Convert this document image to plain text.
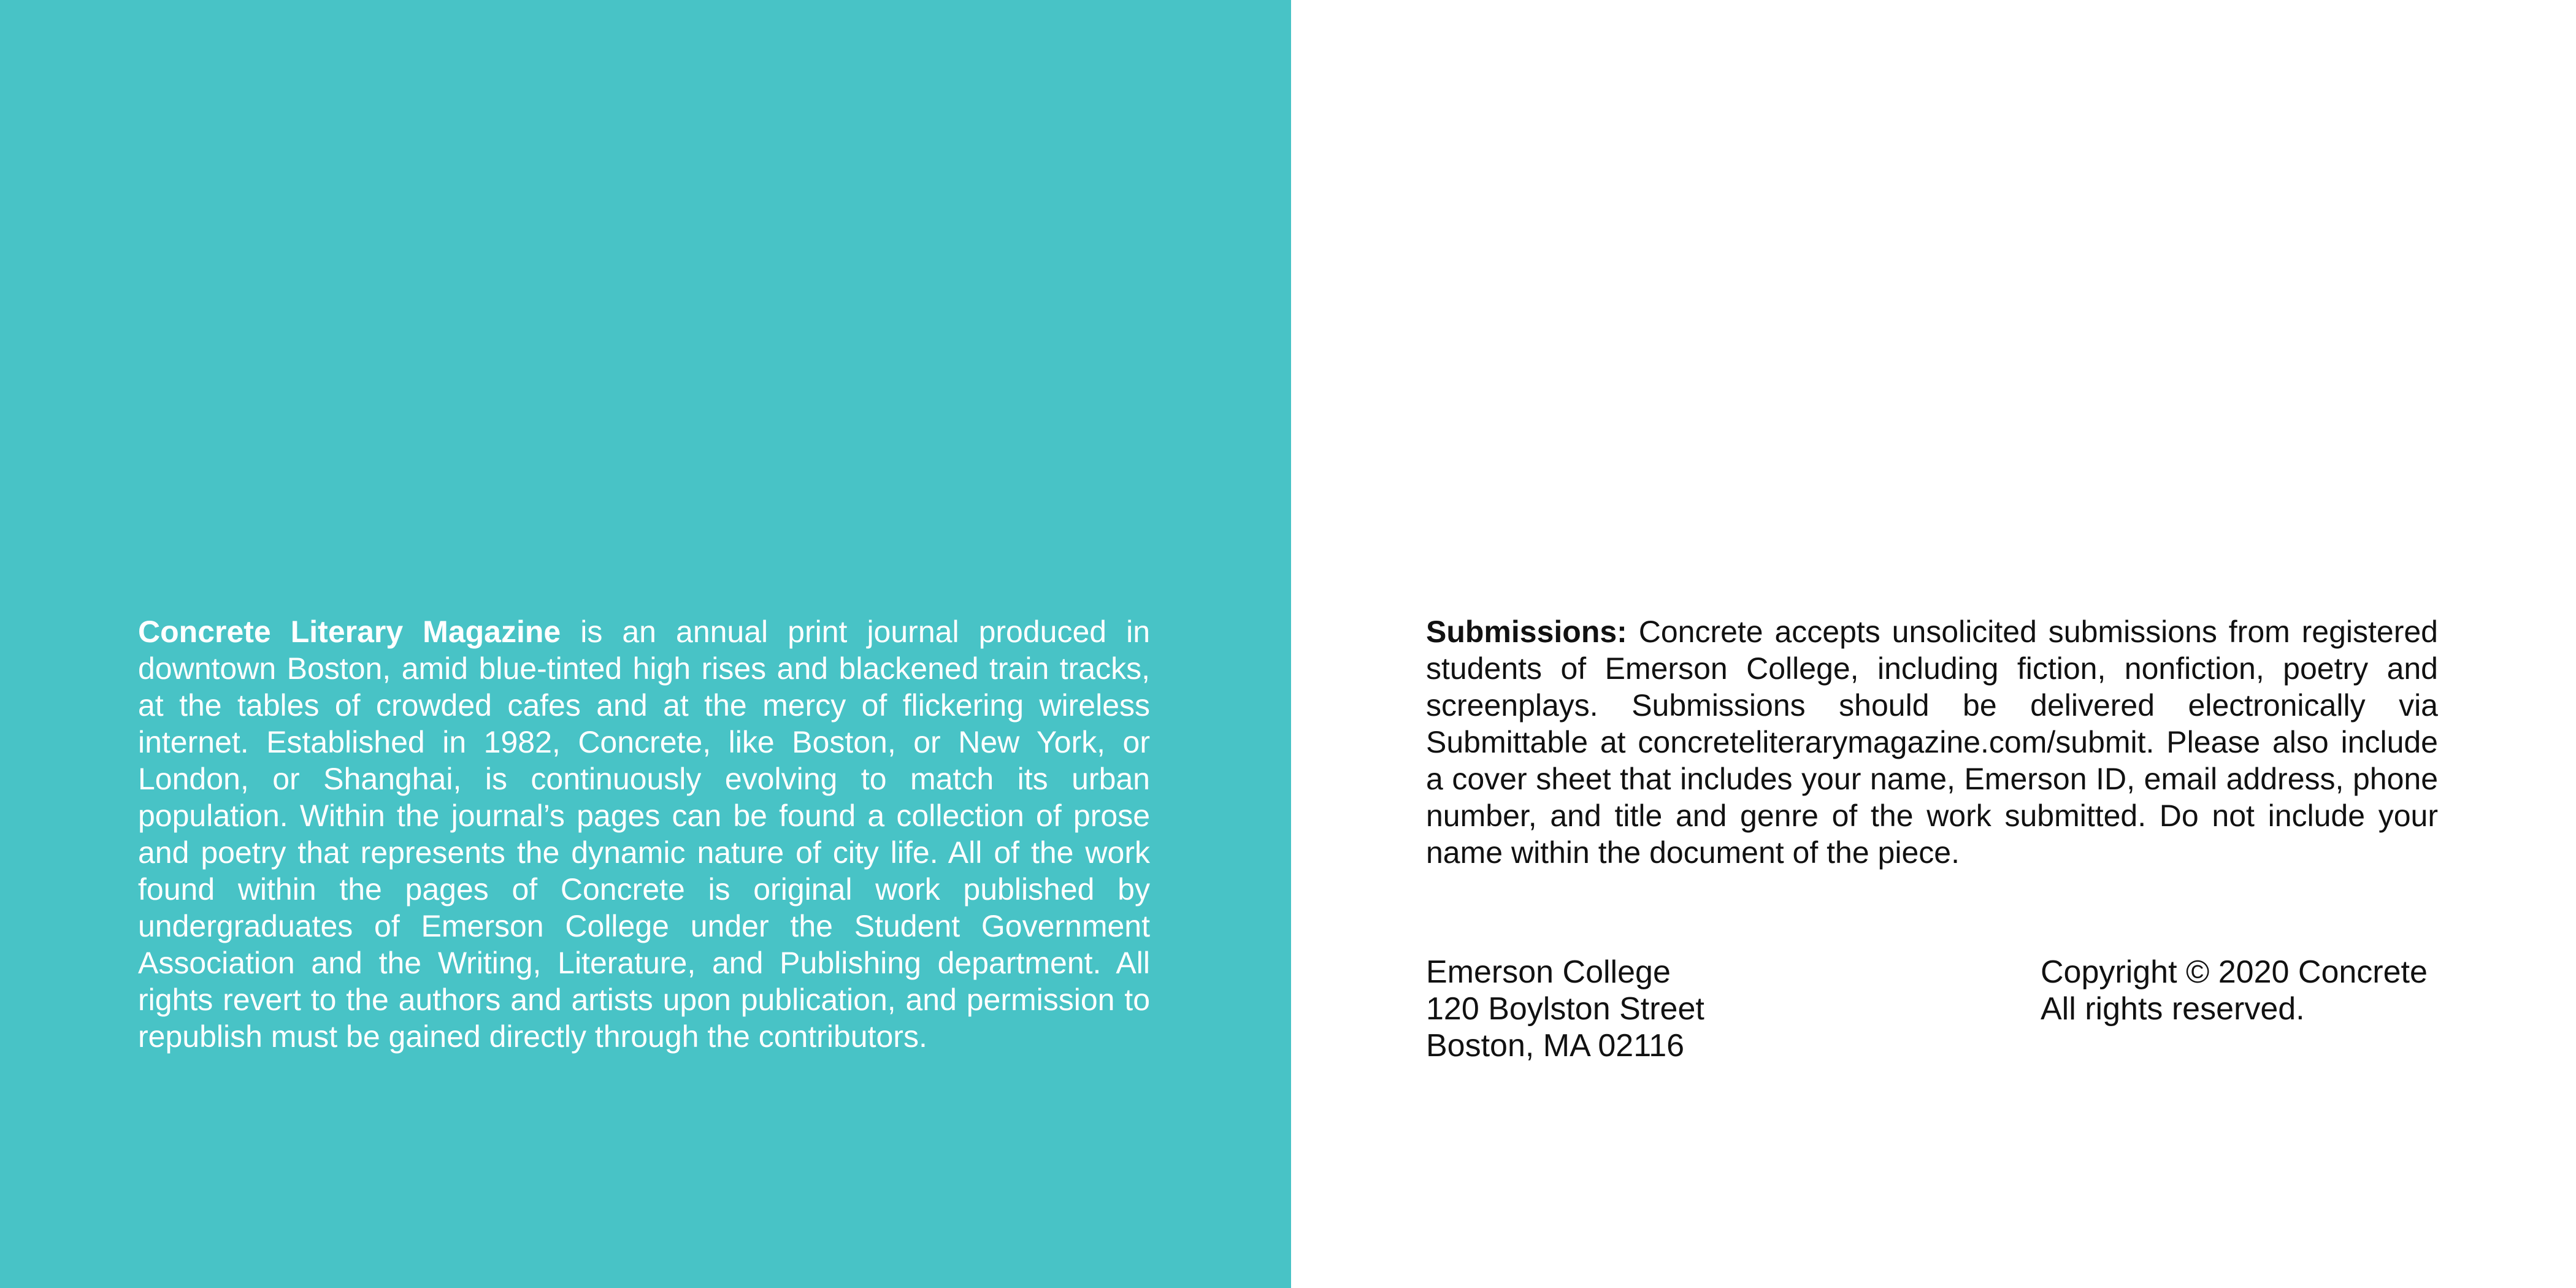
Concrete Literary Magazine is an annual print journal produced in downtown Boston, amid blue-tinted high rises and blackened train tracks, at the tables of crowded cafes and at the mercy of flickering wireless internet. Established in 1982, Concrete, like Boston, or New York, or London, or Shanghai, is continuously evolving to match its urban population. Within the journal’s pages can be found a collection of prose and poetry that represents the dynamic nature of city life. All of the work found within the pages of Concrete is original work published by undergraduates of Emerson College under the Student Government Association and the Writing, Literature, and Publishing department. All rights revert to the authors and artists upon publication, and permission to republish must be gained directly through the contributors.

Submissions: Concrete accepts unsolicited submissions from registered students of Emerson College, including fiction, nonfiction, poetry and screenplays. Submissions should be delivered electronically via Submittable at concreteliterarymagazine.com/submit. Please also include a cover sheet that includes your name, Emerson ID, email address, phone number, and title and genre of the work submitted. Do not include your name within the document of the piece.

Emerson College
120 Boylston Street
Boston, MA 02116
Copyright © 2020 Concrete
All rights reserved.
